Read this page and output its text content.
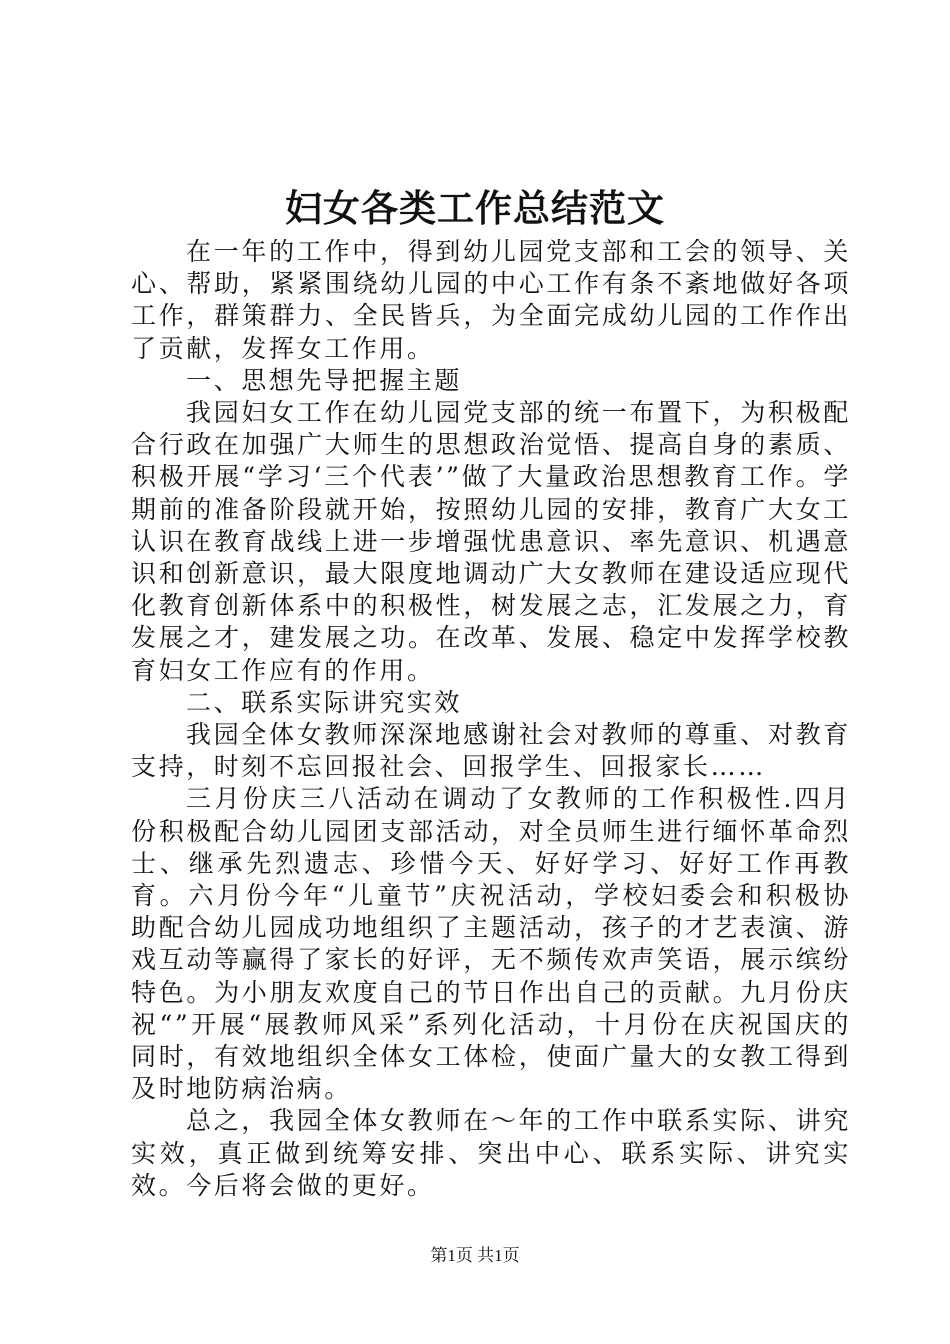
妇女各类工作总结范文

在一年的工作中，得到幼儿园党支部和工会的领导、关心、帮助，紧紧围绕幼儿园的中心工作有条不紊地做好各项工作，群策群力、全民皆兵，为全面完成幼儿园的工作作出了贡献，发挥女工作用。

一、思想先导把握主题

我园妇女工作在幼儿园党支部的统一布置下，为积极配合行政在加强广大师生的思想政治觉悟、提高自身的素质、积极开展“学习‘三个代表’”做了大量政治思想教育工作。学期前的准备阶段就开始，按照幼儿园的安排，教育广大女工认识在教育战线上进一步增强忧患意识、率先意识、机遇意识和创新意识，最大限度地调动广大女教师在建设适应现代化教育创新体系中的积极性，树发展之志，汇发展之力，育发展之才，建发展之功。在改革、发展、稳定中发挥学校教育妇女工作应有的作用。

二、联系实际讲究实效

我园全体女教师深深地感谢社会对教师的尊重、对教育支持，时刻不忘回报社会、回报学生、回报家长……

三月份庆三八活动在调动了女教师的工作积极性.四月份积极配合幼儿园团支部活动，对全员师生进行缅怀革命烈士、继承先烈遗志、珍惜今天、好好学习、好好工作再教育。六月份今年“儿童节”庆祝活动，学校妇委会和积极协助配合幼儿园成功地组织了主题活动，孩子的才艺表演、游戏互动等赢得了家长的好评，无不频传欢声笑语，展示缤纷特色。为小朋友欢度自己的节日作出自己的贡献。九月份庆祝“”开展“展教师风采”系列化活动，十月份在庆祝国庆的同时，有效地组织全体女工体检，使面广量大的女教工得到及时地防病治病。

总之，我园全体女教师在～年的工作中联系实际、讲究实效，真正做到统筹安排、突出中心、联系实际、讲究实效。今后将会做的更好。

第1页 共1页
